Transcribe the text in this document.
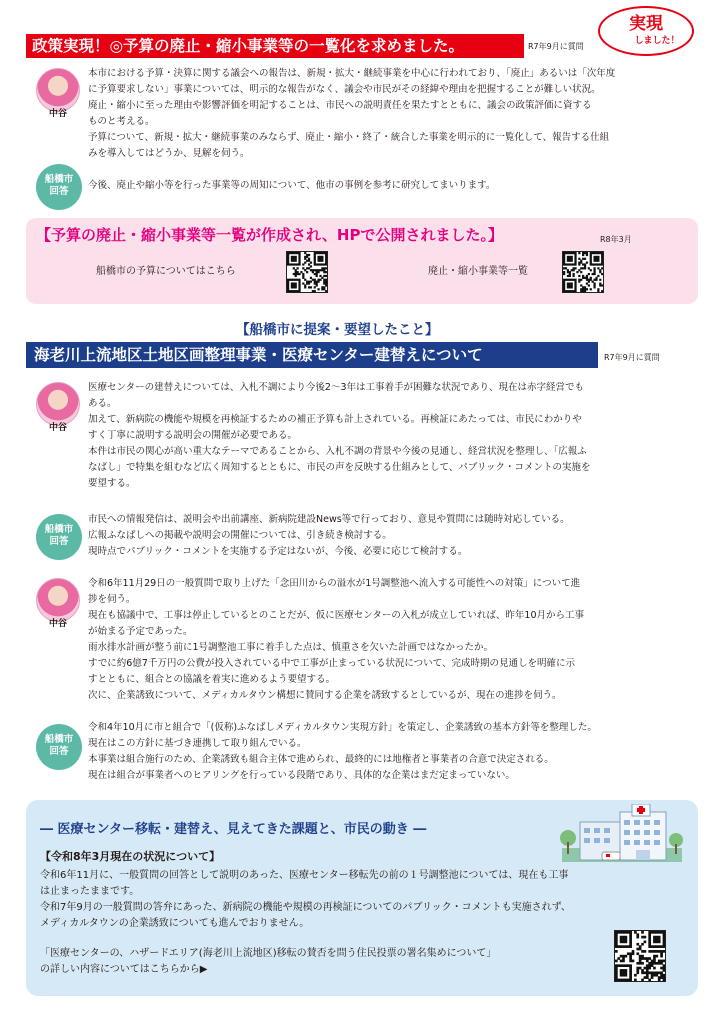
政策実現！◎予算の廃止・縮小事業等の一覧化を求めました。	R7年9月に質問
実現
しました！
中谷
本市における予算・決算に関する議会への報告は、新規・拡大・継続事業を中心に行われており、「廃止」あるいは「次年度
に予算要求しない」事業については、明示的な報告がなく、議会や市民がその経緯や理由を把握することが難しい状況。
廃止・縮小に至った理由や影響評価を明記することは、市民への説明責任を果たすとともに、議会の政策評価に資する
ものと考える。
予算について、新規・拡大・継続事業のみならず、廃止・縮小・終了・統合した事業を明示的に一覧化して、報告する仕組
みを導入してはどうか、見解を伺う。
船橋市
回答
今後、廃止や縮小等を行った事業等の周知について、他市の事例を参考に研究してまいります。
【予算の廃止・縮小事業等一覧が作成され、HPで公開されました。】	R8年3月
船橋市の予算についてはこちら	廃止・縮小事業等一覧
【船橋市に提案・要望したこと】
海老川上流地区土地区画整理事業・医療センター建替えについて	R7年9月に質問
中谷
医療センターの建替えについては、入札不調により今後2〜3年は工事着手が困難な状況であり、現在は赤字経営でも
ある。
加えて、新病院の機能や規模を再検証するための補正予算も計上されている。再検証にあたっては、市民にわかりや
すく丁寧に説明する説明会の開催が必要である。
本件は市民の関心が高い重大なテーマであることから、入札不調の背景や今後の見通し、経営状況を整理し、「広報ふ
なばし」で特集を組むなど広く周知するとともに、市民の声を反映する仕組みとして、パブリック・コメントの実施を
要望する。
船橋市
回答
市民への情報発信は、説明会や出前講座、新病院建設News等で行っており、意見や質問には随時対応している。
広報ふなばしへの掲載や説明会の開催については、引き続き検討する。
現時点でパブリック・コメントを実施する予定はないが、今後、必要に応じて検討する。
中谷
令和6年11月29日の一般質問で取り上げた「念田川からの溢水が1号調整池へ流入する可能性への対策」について進
捗を伺う。
現在も協議中で、工事は停止しているとのことだが、仮に医療センターの入札が成立していれば、昨年10月から工事
が始まる予定であった。
雨水排水計画が整う前に1号調整池工事に着手した点は、慎重さを欠いた計画ではなかったか。
すでに約6億7千万円の公費が投入されている中で工事が止まっている状況について、完成時期の見通しを明確に示
すとともに、組合との協議を着実に進めるよう要望する。
次に、企業誘致について、メディカルタウン構想に賛同する企業を誘致するとしているが、現在の進捗を伺う。
船橋市
回答
令和4年10月に市と組合で「(仮称)ふなばしメディカルタウン実現方針」を策定し、企業誘致の基本方針等を整理した。
現在はこの方針に基づき連携して取り組んでいる。
本事業は組合施行のため、企業誘致も組合主体で進められ、最終的には地権者と事業者の合意で決定される。
現在は組合が事業者へのヒアリングを行っている段階であり、具体的な企業はまだ定まっていない。
― 医療センター移転・建替え、見えてきた課題と、市民の動き ―
【令和8年3月現在の状況について】
令和6年11月に、一般質問の回答として説明のあった、医療センター移転先の前の１号調整池については、現在も工事
は止まったままです。
令和7年9月の一般質問の答弁にあった、新病院の機能や規模の再検証についてのパブリック・コメントも実施されず、
メディカルタウンの企業誘致についても進んでおりません。
「医療センターの、ハザードエリア(海老川上流地区)移転の賛否を問う住民投票の署名集めについて」
の詳しい内容についてはこちらから▶
